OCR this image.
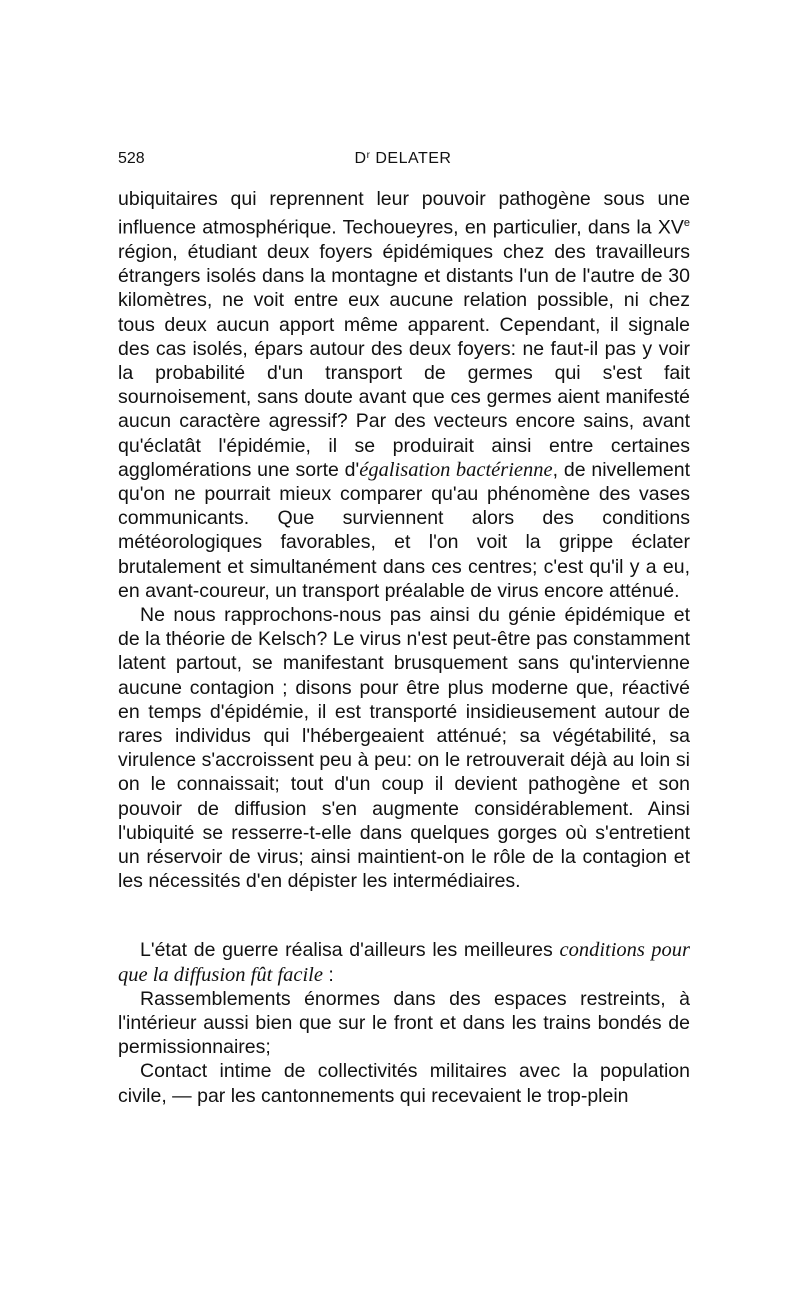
528	$D^r$ DELATER

ubiquitaires qui reprennent leur pouvoir pathogène sous une influence atmosphérique. Techoueyres, en particulier, dans la XVe région, étudiant deux foyers épidémiques chez des travailleurs étrangers isolés dans la montagne et distants l'un de l'autre de 30 kilomètres, ne voit entre eux aucune relation possible, ni chez tous deux aucun apport même apparent. Cependant, il signale des cas isolés, épars autour des deux foyers: ne faut-il pas y voir la probabilité d'un transport de germes qui s'est fait sournoisement, sans doute avant que ces germes aient manifesté aucun caractère agressif? Par des vecteurs encore sains, avant qu'éclatât l'épidémie, il se produirait ainsi entre certaines agglomérations une sorte d'égalisation bactérienne, de nivellement qu'on ne pourrait mieux comparer qu'au phénomène des vases communicants. Que surviennent alors des conditions météorologiques favorables, et l'on voit la grippe éclater brutalement et simultanément dans ces centres; c'est qu'il y a eu, en avant-coureur, un transport préalable de virus encore atténué.

Ne nous rapprochons-nous pas ainsi du génie épidémique et de la théorie de Kelsch? Le virus n'est peut-être pas constamment latent partout, se manifestant brusquement sans qu'intervienne aucune contagion ; disons pour être plus moderne que, réactivé en temps d'épidémie, il est transporté insidieusement autour de rares individus qui l'hébergeaient atténué; sa végétabilité, sa virulence s'accroissent peu à peu: on le retrouverait déjà au loin si on le connaissait; tout d'un coup il devient pathogène et son pouvoir de diffusion s'en augmente considérablement. Ainsi l'ubiquité se resserre-t-elle dans quelques gorges où s'entretient un réservoir de virus; ainsi maintient-on le rôle de la contagion et les nécessités d'en dépister les intermédiaires.

L'état de guerre réalisa d'ailleurs les meilleures conditions pour que la diffusion fût facile :

Rassemblements énormes dans des espaces restreints, à l'intérieur aussi bien que sur le front et dans les trains bondés de permissionnaires;

Contact intime de collectivités militaires avec la population civile, — par les cantonnements qui recevaient le trop-plein
